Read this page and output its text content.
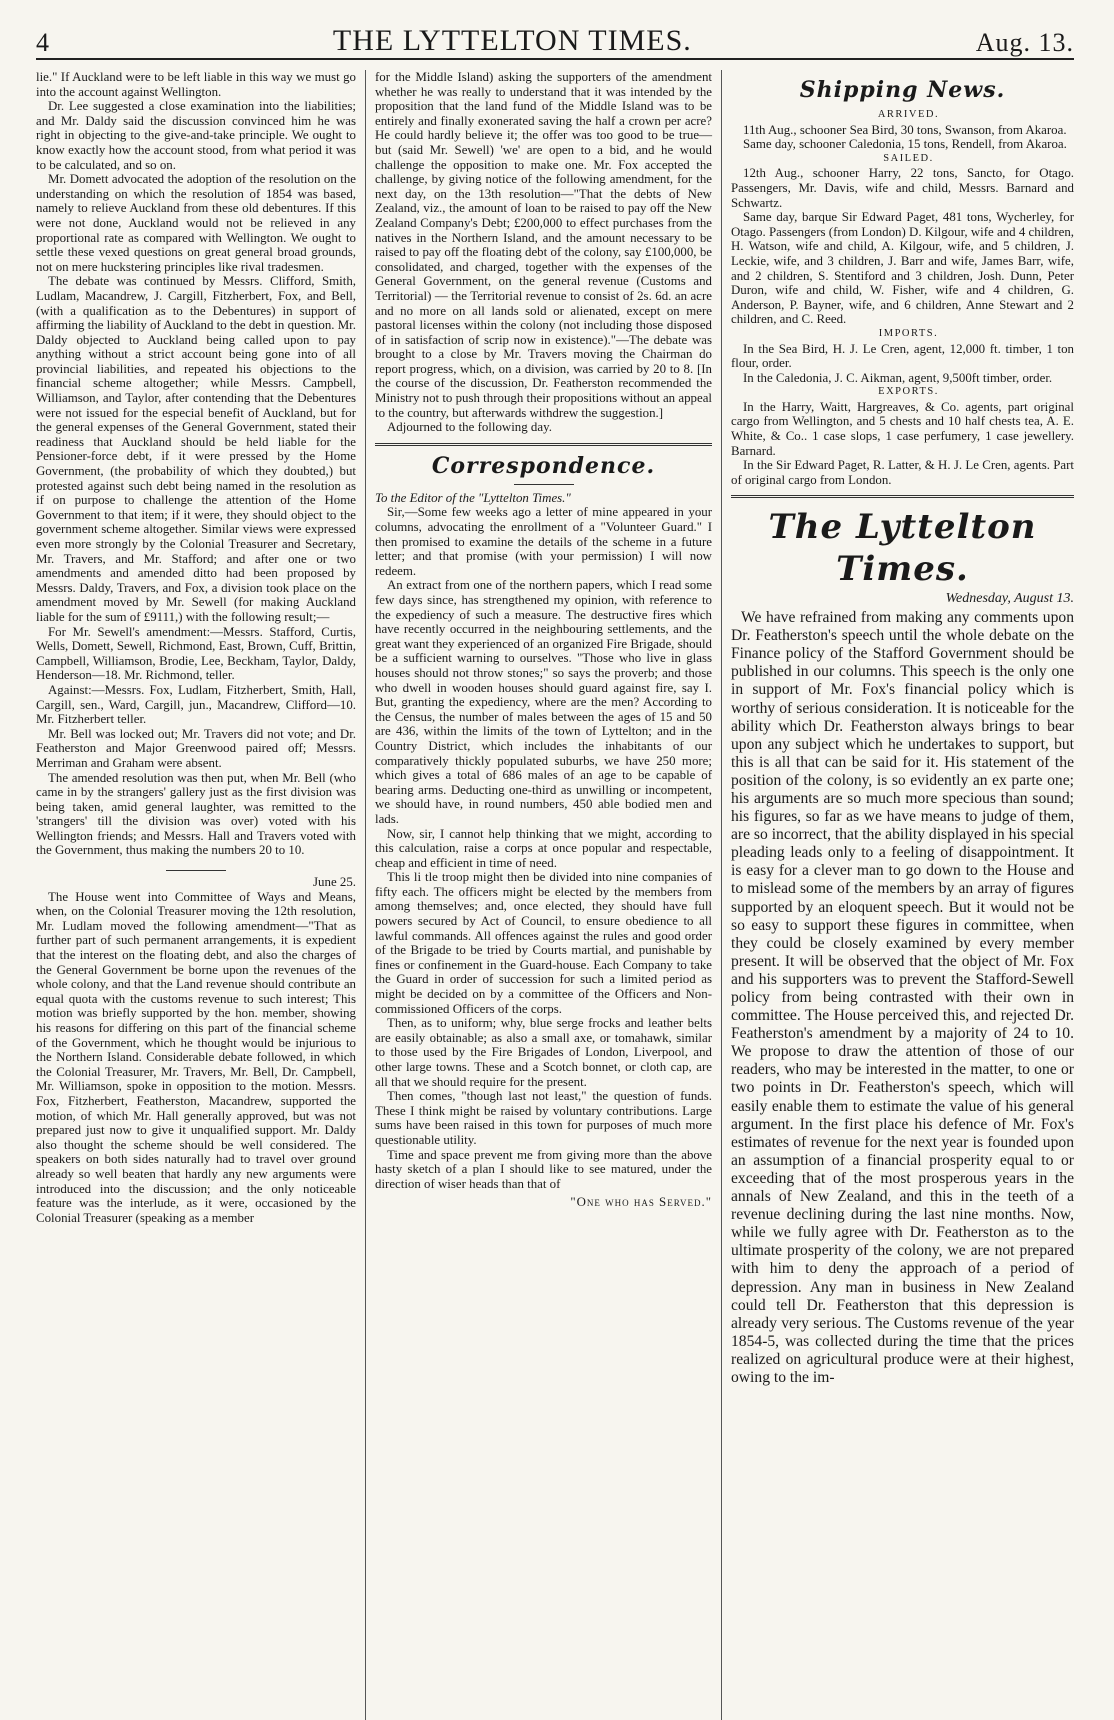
4	THE LYTTELTON TIMES.	Aug. 13.

lie." If Auckland were to be left liable in this way we must go into the account against Wellington.

Dr. Lee suggested a close examination into the liabilities; and Mr. Daldy said the discussion convinced him he was right in objecting to the give-and-take principle. We ought to know exactly how the account stood, from what period it was to be calculated, and so on.

Mr. Domett advocated the adoption of the resolution on the understanding on which the resolution of 1854 was based, namely to relieve Auckland from these old debentures. If this were not done, Auckland would not be relieved in any proportional rate as compared with Wellington. We ought to settle these vexed questions on great general broad grounds, not on mere huckstering principles like rival tradesmen.

The debate was continued by Messrs. Clifford, Smith, Ludlam, Macandrew, J. Cargill, Fitzherbert, Fox, and Bell, (with a qualification as to the Debentures) in support of affirming the liability of Auckland to the debt in question. Mr. Daldy objected to Auckland being called upon to pay anything without a strict account being gone into of all provincial liabilities, and repeated his objections to the financial scheme altogether; while Messrs. Campbell, Williamson, and Taylor, after contending that the Debentures were not issued for the especial benefit of Auckland, but for the general expenses of the General Government, stated their readiness that Auckland should be held liable for the Pensioner-force debt, if it were pressed by the Home Government, (the probability of which they doubted,) but protested against such debt being named in the resolution as if on purpose to challenge the attention of the Home Government to that item; if it were, they should object to the government scheme altogether. Similar views were expressed even more strongly by the Colonial Treasurer and Secretary, Mr. Travers, and Mr. Stafford; and after one or two amendments and amended ditto had been proposed by Messrs. Daldy, Travers, and Fox, a division took place on the amendment moved by Mr. Sewell (for making Auckland liable for the sum of £9111,) with the following result;—

For Mr. Sewell's amendment:—Messrs. Stafford, Curtis, Wells, Domett, Sewell, Richmond, East, Brown, Cuff, Brittin, Campbell, Williamson, Brodie, Lee, Beckham, Taylor, Daldy, Henderson—18. Mr. Richmond, teller.

Against:—Messrs. Fox, Ludlam, Fitzherbert, Smith, Hall, Cargill, sen., Ward, Cargill, jun., Macandrew, Clifford—10. Mr. Fitzherbert teller.

Mr. Bell was locked out; Mr. Travers did not vote; and Dr. Featherston and Major Greenwood paired off; Messrs. Merriman and Graham were absent.

The amended resolution was then put, when Mr. Bell (who came in by the strangers' gallery just as the first division was being taken, amid general laughter, was remitted to the 'strangers' till the division was over) voted with his Wellington friends; and Messrs. Hall and Travers voted with the Government, thus making the numbers 20 to 10.

June 25.

The House went into Committee of Ways and Means, when, on the Colonial Treasurer moving the 12th resolution, Mr. Ludlam moved the following amendment—"That as further part of such permanent arrangements, it is expedient that the interest on the floating debt, and also the charges of the General Government be borne upon the revenues of the whole colony, and that the Land revenue should contribute an equal quota with the customs revenue to such interest; This motion was briefly supported by the hon. member, showing his reasons for differing on this part of the financial scheme of the Government, which he thought would be injurious to the Northern Island. Considerable debate followed, in which the Colonial Treasurer, Mr. Travers, Mr. Bell, Dr. Campbell, Mr. Williamson, spoke in opposition to the motion. Messrs. Fox, Fitzherbert, Featherston, Macandrew, supported the motion, of which Mr. Hall generally approved, but was not prepared just now to give it unqualified support. Mr. Daldy also thought the scheme should be well considered. The speakers on both sides naturally had to travel over ground already so well beaten that hardly any new arguments were introduced into the discussion; and the only noticeable feature was the interlude, as it were, occasioned by the Colonial Treasurer (speaking as a member

for the Middle Island) asking the supporters of the amendment whether he was really to understand that it was intended by the proposition that the land fund of the Middle Island was to be entirely and finally exonerated saving the half a crown per acre? He could hardly believe it; the offer was too good to be true—but (said Mr. Sewell) 'we' are open to a bid, and he would challenge the opposition to make one. Mr. Fox accepted the challenge, by giving notice of the following amendment, for the next day, on the 13th resolution—"That the debts of New Zealand, viz., the amount of loan to be raised to pay off the New Zealand Company's Debt; £200,000 to effect purchases from the natives in the Northern Island, and the amount necessary to be raised to pay off the floating debt of the colony, say £100,000, be consolidated, and charged, together with the expenses of the General Government, on the general revenue (Customs and Territorial) — the Territorial revenue to consist of 2s. 6d. an acre and no more on all lands sold or alienated, except on mere pastoral licenses within the colony (not including those disposed of in satisfaction of scrip now in existence)."—The debate was brought to a close by Mr. Travers moving the Chairman do report progress, which, on a division, was carried by 20 to 8. [In the course of the discussion, Dr. Featherston recommended the Ministry not to push through their propositions without an appeal to the country, but afterwards withdrew the suggestion.]

Adjourned to the following day.

Correspondence.

To the Editor of the "Lyttelton Times."

Sir,—Some few weeks ago a letter of mine appeared in your columns, advocating the enrollment of a "Volunteer Guard." I then promised to examine the details of the scheme in a future letter; and that promise (with your permission) I will now redeem.

An extract from one of the northern papers, which I read some few days since, has strengthened my opinion, with reference to the expediency of such a measure. The destructive fires which have recently occurred in the neighbouring settlements, and the great want they experienced of an organized Fire Brigade, should be a sufficient warning to ourselves. "Those who live in glass houses should not throw stones;" so says the proverb; and those who dwell in wooden houses should guard against fire, say I. But, granting the expediency, where are the men? According to the Census, the number of males between the ages of 15 and 50 are 436, within the limits of the town of Lyttelton; and in the Country District, which includes the inhabitants of our comparatively thickly populated suburbs, we have 250 more; which gives a total of 686 males of an age to be capable of bearing arms. Deducting one-third as unwilling or incompetent, we should have, in round numbers, 450 able bodied men and lads.

Now, sir, I cannot help thinking that we might, according to this calculation, raise a corps at once popular and respectable, cheap and efficient in time of need.

This li tle troop might then be divided into nine companies of fifty each. The officers might be elected by the members from among themselves; and, once elected, they should have full powers secured by Act of Council, to ensure obedience to all lawful commands. All offences against the rules and good order of the Brigade to be tried by Courts martial, and punishable by fines or confinement in the Guard-house. Each Company to take the Guard in order of succession for such a limited period as might be decided on by a committee of the Officers and Non-commissioned Officers of the corps.

Then, as to uniform; why, blue serge frocks and leather belts are easily obtainable; as also a small axe, or tomahawk, similar to those used by the Fire Brigades of London, Liverpool, and other large towns. These and a Scotch bonnet, or cloth cap, are all that we should require for the present.

Then comes, "though last not least," the question of funds. These I think might be raised by voluntary contributions. Large sums have been raised in this town for purposes of much more questionable utility.

Time and space prevent me from giving more than the above hasty sketch of a plan I should like to see matured, under the direction of wiser heads than that of

"One who has Served."
Shipping News.

ARRIVED.

11th Aug., schooner Sea Bird, 30 tons, Swanson, from Akaroa.

Same day, schooner Caledonia, 15 tons, Rendell, from Akaroa.

SAILED.

12th Aug., schooner Harry, 22 tons, Sancto, for Otago. Passengers, Mr. Davis, wife and child, Messrs. Barnard and Schwartz.

Same day, barque Sir Edward Paget, 481 tons, Wycherley, for Otago. Passengers (from London) D. Kilgour, wife and 4 children, H. Watson, wife and child, A. Kilgour, wife, and 5 children, J. Leckie, wife, and 3 children, J. Barr and wife, James Barr, wife, and 2 children, S. Stentiford and 3 children, Josh. Dunn, Peter Duron, wife and child, W. Fisher, wife and 4 children, G. Anderson, P. Bayner, wife, and 6 children, Anne Stewart and 2 children, and C. Reed.

IMPORTS.

In the Sea Bird, H. J. Le Cren, agent, 12,000 ft. timber, 1 ton flour, order.

In the Caledonia, J. C. Aikman, agent, 9,500ft timber, order.

EXPORTS.

In the Harry, Waitt, Hargreaves, & Co. agents, part original cargo from Wellington, and 5 chests and 10 half chests tea, A. E. White, & Co.. 1 case slops, 1 case perfumery, 1 case jewellery. Barnard.

In the Sir Edward Paget, R. Latter, & H. J. Le Cren, agents. Part of original cargo from London.

The Lyttelton Times.
Wednesday, August 13.

We have refrained from making any comments upon Dr. Featherston's speech until the whole debate on the Finance policy of the Stafford Government should be published in our columns. This speech is the only one in support of Mr. Fox's financial policy which is worthy of serious consideration. It is noticeable for the ability which Dr. Featherston always brings to bear upon any subject which he undertakes to support, but this is all that can be said for it. His statement of the position of the colony, is so evidently an ex parte one; his arguments are so much more specious than sound; his figures, so far as we have means to judge of them, are so incorrect, that the ability displayed in his special pleading leads only to a feeling of disappointment. It is easy for a clever man to go down to the House and to mislead some of the members by an array of figures supported by an eloquent speech. But it would not be so easy to support these figures in committee, when they could be closely examined by every member present. It will be observed that the object of Mr. Fox and his supporters was to prevent the Stafford-Sewell policy from being contrasted with their own in committee. The House perceived this, and rejected Dr. Featherston's amendment by a majority of 24 to 10. We propose to draw the attention of those of our readers, who may be interested in the matter, to one or two points in Dr. Featherston's speech, which will easily enable them to estimate the value of his general argument. In the first place his defence of Mr. Fox's estimates of revenue for the next year is founded upon an assumption of a financial prosperity equal to or exceeding that of the most prosperous years in the annals of New Zealand, and this in the teeth of a revenue declining during the last nine months. Now, while we fully agree with Dr. Featherston as to the ultimate prosperity of the colony, we are not prepared with him to deny the approach of a period of depression. Any man in business in New Zealand could tell Dr. Featherston that this depression is already very serious. The Customs revenue of the year 1854-5, was collected during the time that the prices realized on agricultural produce were at their highest, owing to the im-
